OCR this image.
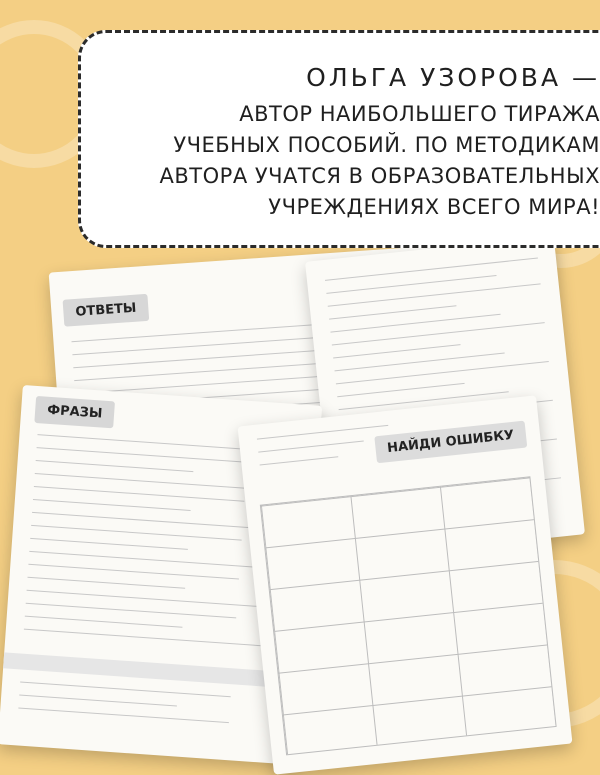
ОТВЕТЫ
ФРАЗЫ
НАЙДИ ОШИБКУ
ОЛЬГА УЗОРОВА —
АВТОР НАИБОЛЬШЕГО ТИРАЖА
УЧЕБНЫХ ПОСОБИЙ. ПО МЕТОДИКАМ
АВТОРА УЧАТСЯ В ОБРАЗОВАТЕЛЬНЫХ
УЧРЕЖДЕНИЯХ ВСЕГО МИРА!
